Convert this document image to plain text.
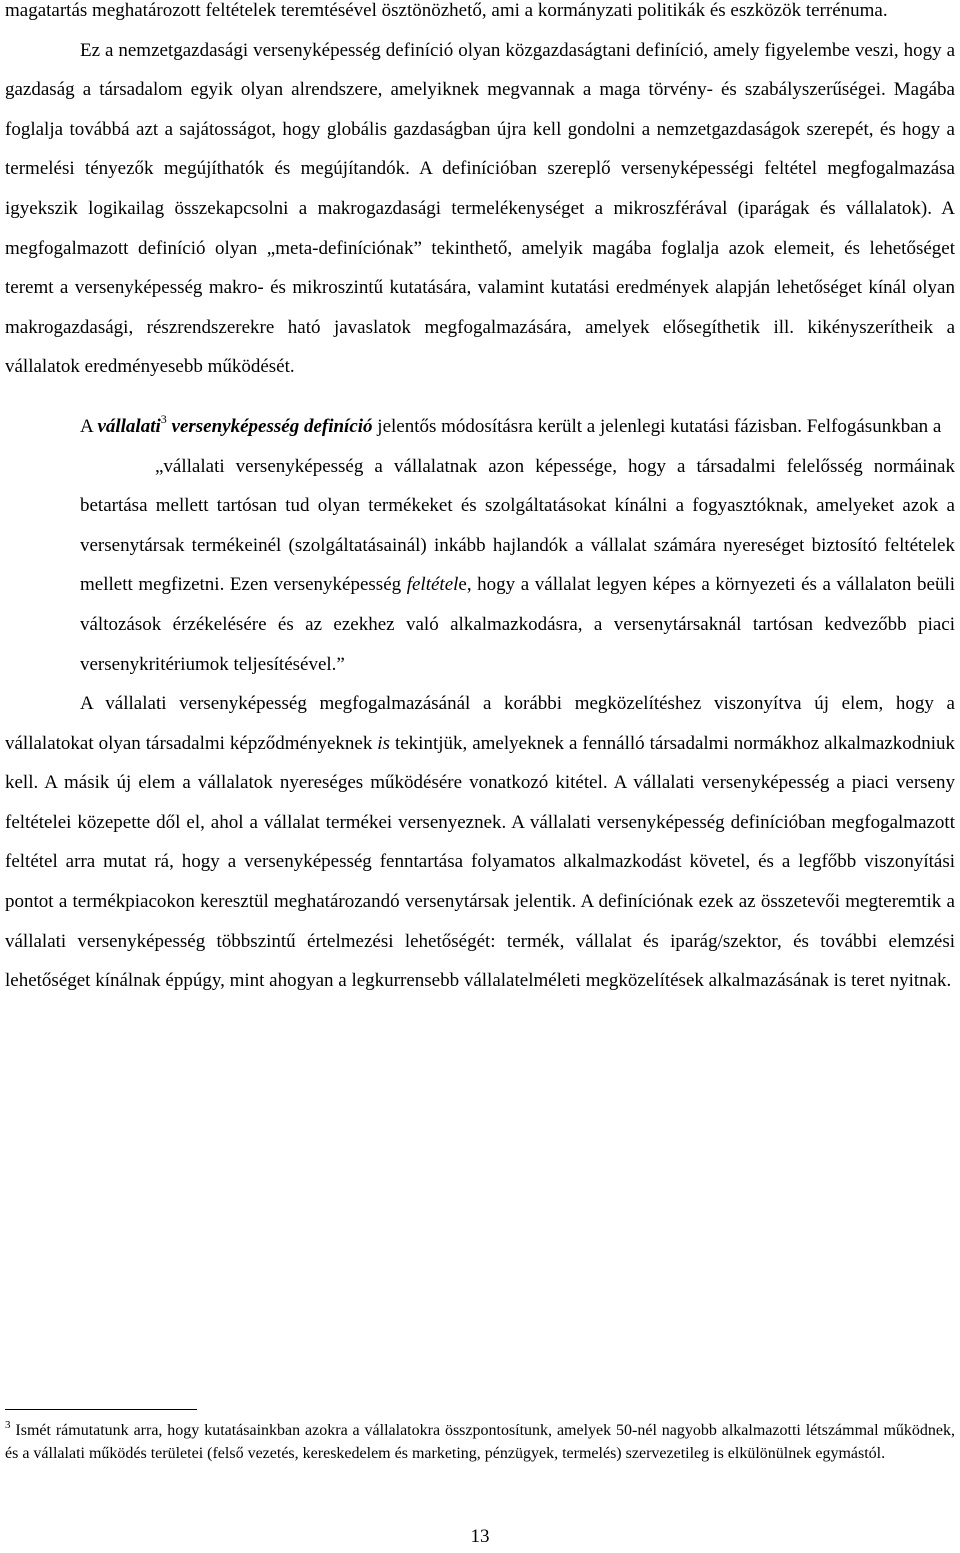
magatartás meghatározott feltételek teremtésével ösztönözhető, ami a kormányzati politikák és eszközök terrénuma.

Ez a nemzetgazdasági versenyképesség definíció olyan közgazdaságtani definíció, amely figyelembe veszi, hogy a gazdaság a társadalom egyik olyan alrendszere, amelyiknek megvannak a maga törvény- és szabályszerűségei. Magába foglalja továbbá azt a sajátosságot, hogy globális gazdaságban újra kell gondolni a nemzetgazdaságok szerepét, és hogy a termelési tényezők megújíthatók és megújítandók. A definícióban szereplő versenyképességi feltétel megfogalmazása igyekszik logikailag összekapcsolni a makrogazdasági termelékenységet a mikroszférával (iparágak és vállalatok). A megfogalmazott definíció olyan „meta-definíciónak” tekinthető, amelyik magába foglalja azok elemeit, és lehetőséget teremt a versenyképesség makro- és mikroszintű kutatására, valamint kutatási eredmények alapján lehetőséget kínál olyan makrogazdasági, részrendszerekre ható javaslatok megfogalmazására, amelyek elősegíthetik ill. kikényszerítheik a vállalatok eredményesebb működését.

A vállalati$^3$ versenyképesség definíció jelentős módosításra került a jelenlegi kutatási fázisban. Felfogásunkban a

„vállalati versenyképesség a vállalatnak azon képessége, hogy a társadalmi felelősség normáinak betartása mellett tartósan tud olyan termékeket és szolgáltatásokat kínálni a fogyasztóknak, amelyeket azok a versenytársak termékeinél (szolgáltatásainál) inkább hajlandók a vállalat számára nyereséget biztosító feltételek mellett megfizetni. Ezen versenyképesség feltétele, hogy a vállalat legyen képes a környezeti és a vállalaton beüli változások érzékelésére és az ezekhez való alkalmazkodásra, a versenytársaknál tartósan kedvezőbb piaci versenykritériumok teljesítésével.”

A vállalati versenyképesség megfogalmazásánál a korábbi megközelítéshez viszonyítva új elem, hogy a vállalatokat olyan társadalmi képződményeknek is tekintjük, amelyeknek a fennálló társadalmi normákhoz alkalmazkodniuk kell. A másik új elem a vállalatok nyereséges működésére vonatkozó kitétel. A vállalati versenyképesség a piaci verseny feltételei közepette dől el, ahol a vállalat termékei versenyeznek. A vállalati versenyképesség definícióban megfogalmazott feltétel arra mutat rá, hogy a versenyképesség fenntartása folyamatos alkalmazkodást követel, és a legfőbb viszonyítási pontot a termékpiacokon keresztül meghatározandó versenytársak jelentik. A definíciónak ezek az összetevői megteremtik a vállalati versenyképesség többszintű értelmezési lehetőségét: termék, vállalat és iparág/szektor, és további elemzési lehetőséget kínálnak éppúgy, mint ahogyan a legkurrensebb vállalatelméleti megközelítések alkalmazásának is teret nyitnak.

$^3$ Ismét rámutatunk arra, hogy kutatásainkban azokra a vállalatokra összpontosítunk, amelyek 50-nél nagyobb alkalmazotti létszámmal működnek, és a vállalati működés területei (felső vezetés, kereskedelem és marketing, pénzügyek, termelés) szervezetileg is elkülönülnek egymástól.

13
